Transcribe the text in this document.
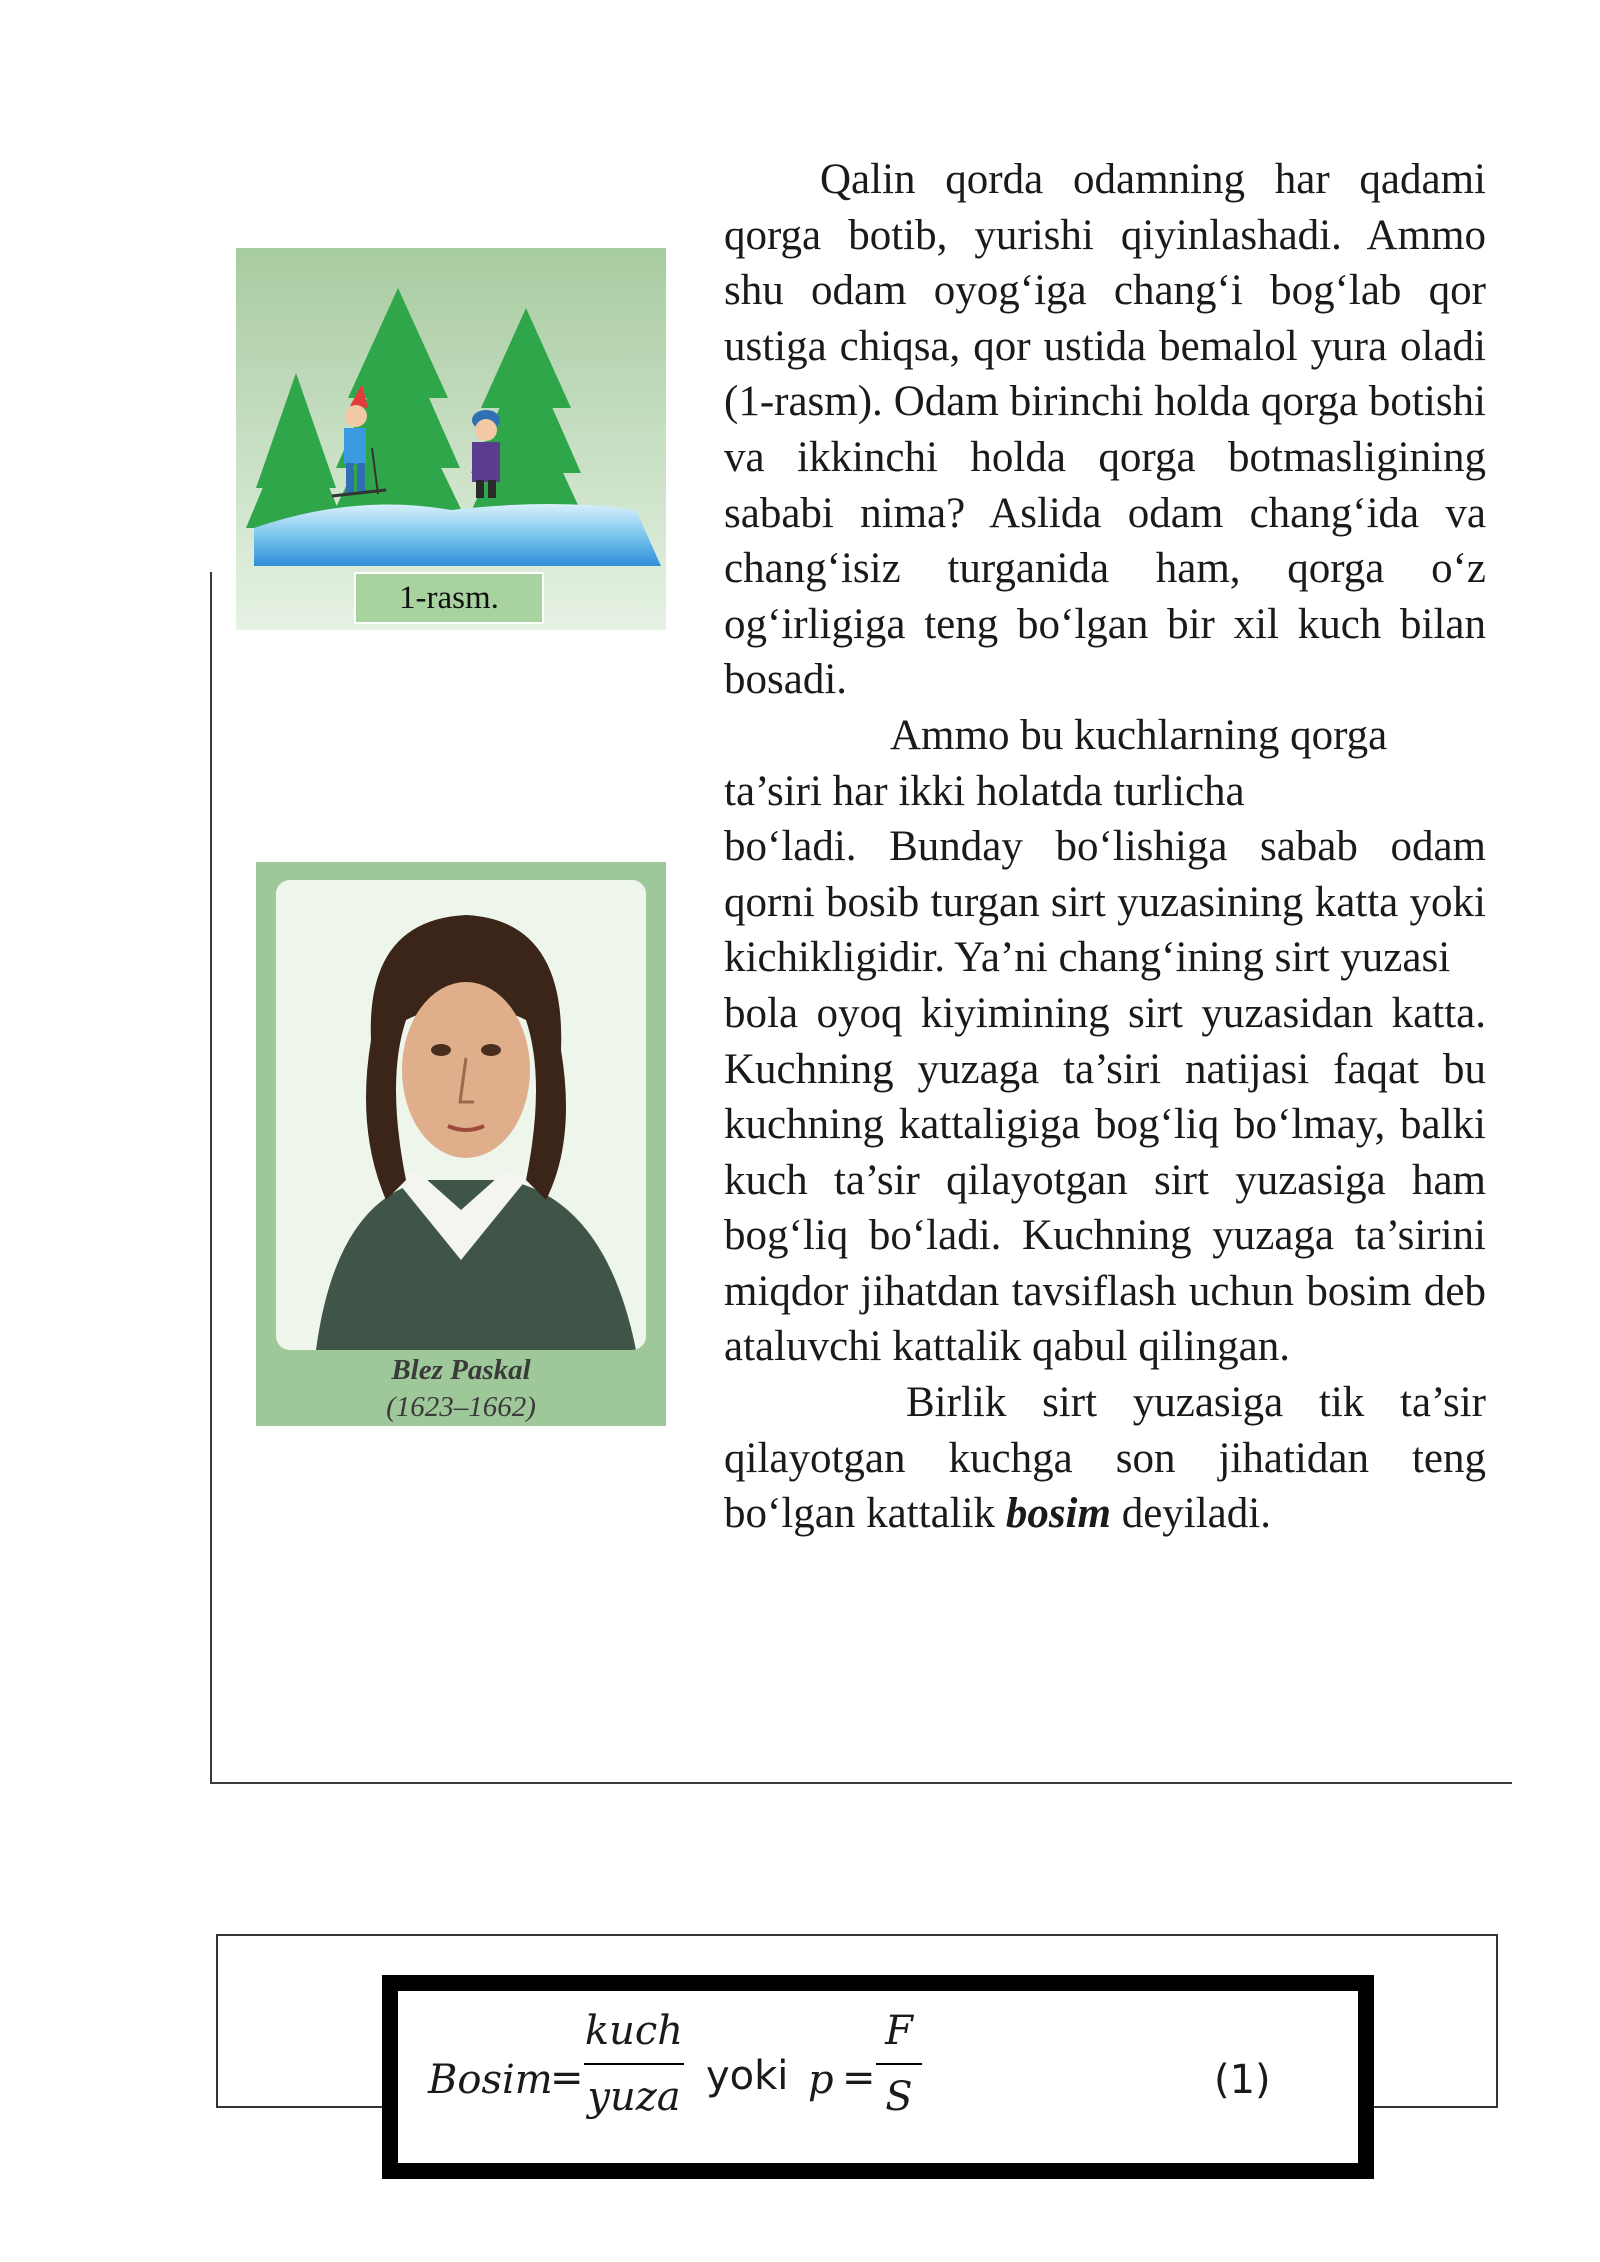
1-rasm.
Blez Paskal
(1623–1662)

Qalin qorda odamning har qadami qorga botib, yurishi qiyinlashadi. Ammo shu odam oyog‘iga chang‘i bog‘lab qor ustiga chiqsa, qor ustida bemalol yura oladi (1-rasm). Odam birinchi holda qorga botishi va ikkinchi holda qorga botmasligining sababi nima? Aslida odam chang‘ida va chang‘isiz turganida ham, qorga o‘z og‘irligiga teng bo‘lgan bir xil kuch bilan bosadi.

Ammo bu kuchlarning qorga ta’siri har ikki holatda turlicha

bo‘ladi. Bunday bo‘lishiga sabab odam qorni bosib turgan sirt yuzasining katta yoki kichikligidir. Ya’ni chang‘ining sirt yuzasi

bola oyoq kiyimining sirt yuzasidan katta. Kuchning yuzaga ta’siri natijasi faqat bu kuchning kattaligiga bog‘liq bo‘lmay, balki kuch ta’sir qilayotgan sirt yuzasiga ham bog‘liq bo‘ladi. Kuchning yuzaga ta’sirini miqdor jihatdan tavsiflash uchun bosim deb ataluvchi kattalik qabul qilingan.

Birlik sirt yuzasiga tik ta’sir qilayotgan kuchga son jihatidan teng bo‘lgan kattalik bosim deyiladi.

Bosim
=
kuch
yuza yoki p =
F
S	(1)
